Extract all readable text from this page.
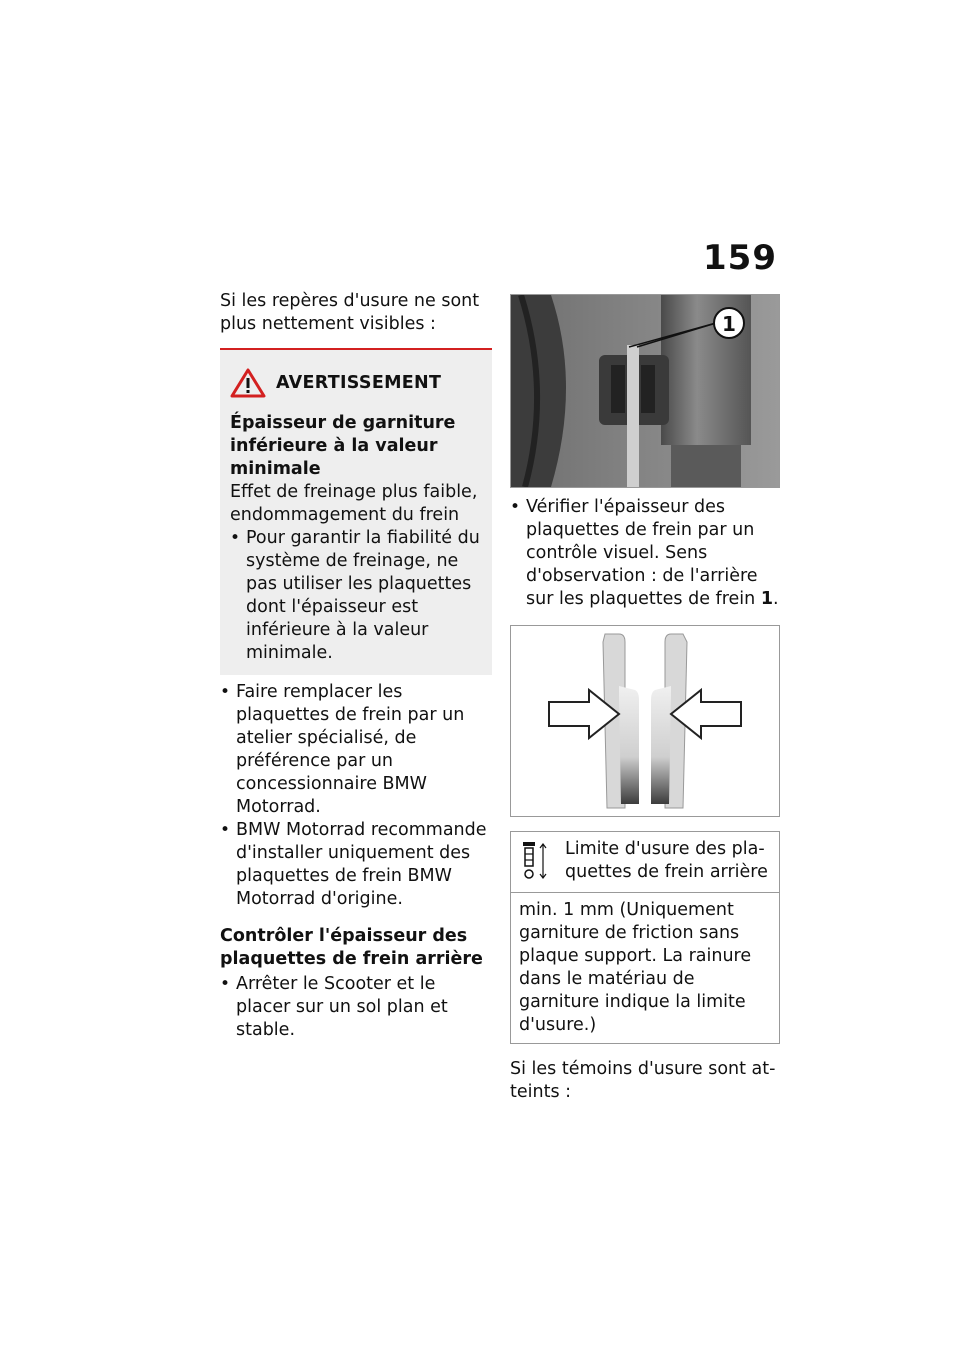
159

Si les repères d'usure ne sont plus nettement visibles :

AVERTISSEMENT

Épaisseur de garniture inférieure à la valeur minimale

Effet de freinage plus faible, endommagement du frein

• Pour garantir la fiabilité du système de freinage, ne pas utiliser les plaquettes dont l'épaisseur est inférieure à la valeur minimale.
• Faire remplacer les plaquettes de frein par un atelier spécialisé, de préférence par un concessionnaire BMW Motorrad.
• BMW Motorrad recommande d'installer uniquement des plaquettes de frein BMW Motorrad d'origine.
Contrôler l'épaisseur des plaquettes de frein arrière
• Arrêter le Scooter et le placer sur un sol plan et stable.
1
• Vérifier l'épaisseur des plaquettes de frein par un contrôle visuel. Sens d'observation : de l'arrière sur les plaquettes de frein 1.
Limite d'usure des plaquettes de frein arrière
min. 1 mm (Uniquement garniture de friction sans plaque support. La rainure dans le matériau de garniture indique la limite d'usure.)

Si les témoins d'usure sont atteints :
